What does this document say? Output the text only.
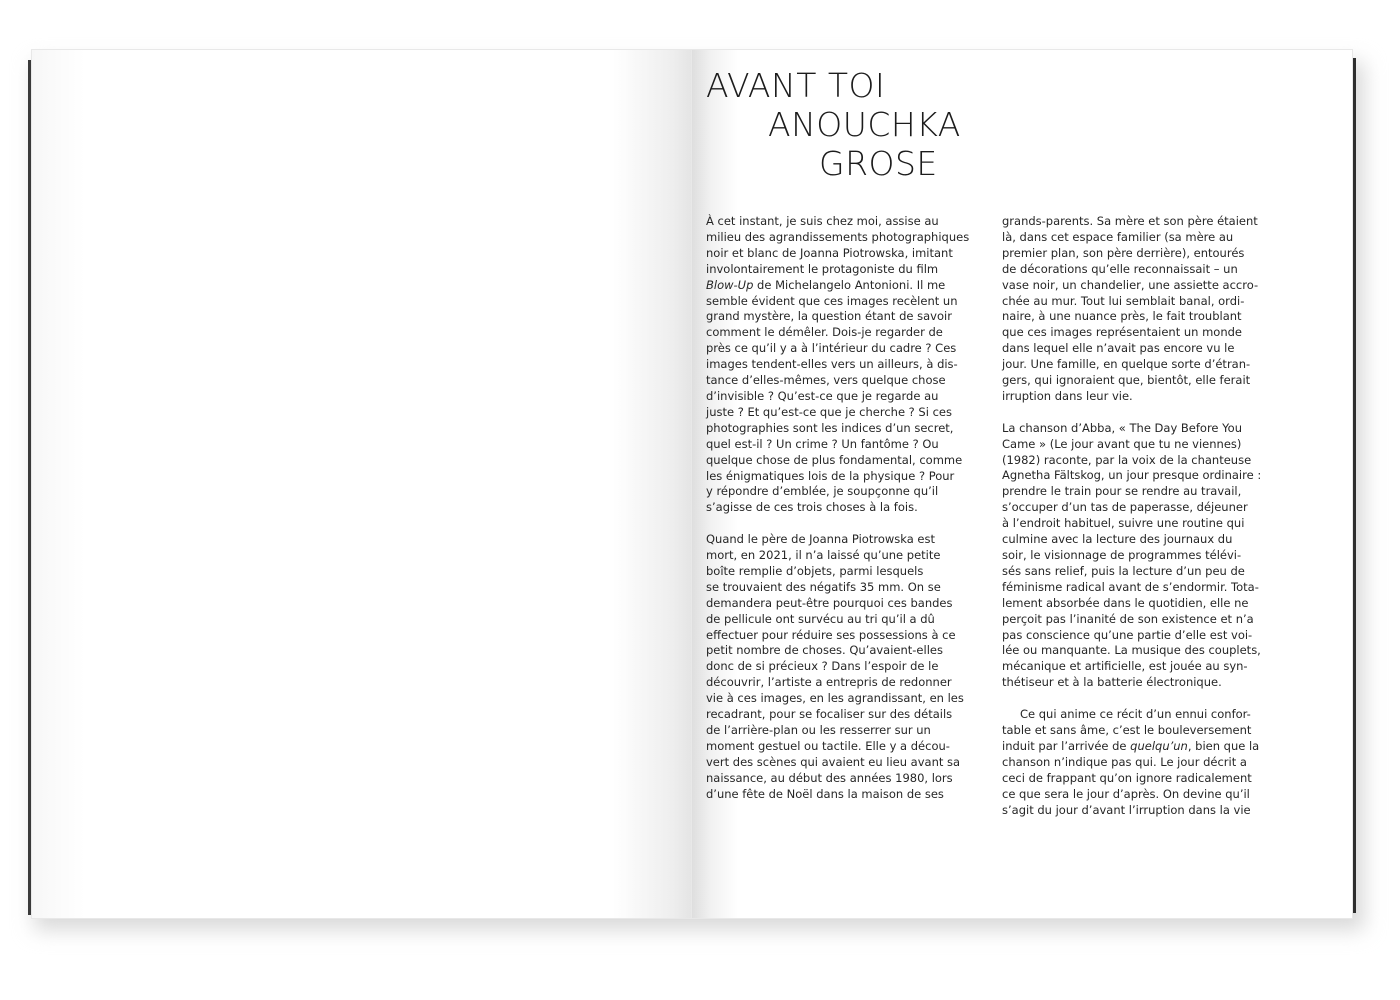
AVANT TOI
ANOUCHKA
GROSE

À cet instant, je suis chez moi, assise au
milieu des agrandissements photographiques
noir et blanc de Joanna Piotrowska, imitant
involontairement le protagoniste du film
Blow-Up de Michelangelo Antonioni. Il me
semble évident que ces images recèlent un
grand mystère, la question étant de savoir
comment le démêler. Dois-je regarder de
près ce qu’il y a à l’intérieur du cadre ? Ces
images tendent-elles vers un ailleurs, à dis-
tance d’elles-mêmes, vers quelque chose
d’invisible ? Qu’est-ce que je regarde au
juste ? Et qu’est-ce que je cherche ? Si ces
photographies sont les indices d’un secret,
quel est-il ? Un crime ? Un fantôme ? Ou
quelque chose de plus fondamental, comme
les énigmatiques lois de la physique ? Pour
y répondre d’emblée, je soupçonne qu’il
s’agisse de ces trois choses à la fois.

Quand le père de Joanna Piotrowska est
mort, en 2021, il n’a laissé qu’une petite
boîte remplie d’objets, parmi lesquels
se trouvaient des négatifs 35 mm. On se
demandera peut-être pourquoi ces bandes
de pellicule ont survécu au tri qu’il a dû
effectuer pour réduire ses possessions à ce
petit nombre de choses. Qu’avaient-elles
donc de si précieux ? Dans l’espoir de le
découvrir, l’artiste a entrepris de redonner
vie à ces images, en les agrandissant, en les
recadrant, pour se focaliser sur des détails
de l’arrière-plan ou les resserrer sur un
moment gestuel ou tactile. Elle y a décou-
vert des scènes qui avaient eu lieu avant sa
naissance, au début des années 1980, lors
d’une fête de Noël dans la maison de ses

grands-parents. Sa mère et son père étaient
là, dans cet espace familier (sa mère au
premier plan, son père derrière), entourés
de décorations qu’elle reconnaissait – un
vase noir, un chandelier, une assiette accro-
chée au mur. Tout lui semblait banal, ordi-
naire, à une nuance près, le fait troublant
que ces images représentaient un monde
dans lequel elle n’avait pas encore vu le
jour. Une famille, en quelque sorte d’étran-
gers, qui ignoraient que, bientôt, elle ferait
irruption dans leur vie.

La chanson d’Abba, « The Day Before You
Came » (Le jour avant que tu ne viennes)
(1982) raconte, par la voix de la chanteuse
Agnetha Fältskog, un jour presque ordinaire :
prendre le train pour se rendre au travail,
s’occuper d’un tas de paperasse, déjeuner
à l’endroit habituel, suivre une routine qui
culmine avec la lecture des journaux du
soir, le visionnage de programmes télévi-
sés sans relief, puis la lecture d’un peu de
féminisme radical avant de s’endormir. Tota-
lement absorbée dans le quotidien, elle ne
perçoit pas l’inanité de son existence et n’a
pas conscience qu’une partie d’elle est voi-
lée ou manquante. La musique des couplets,
mécanique et artificielle, est jouée au syn-
thétiseur et à la batterie électronique.

Ce qui anime ce récit d’un ennui confor-
table et sans âme, c’est le bouleversement
induit par l’arrivée de quelqu’un, bien que la
chanson n’indique pas qui. Le jour décrit a
ceci de frappant qu’on ignore radicalement
ce que sera le jour d’après. On devine qu’il
s’agit du jour d’avant l’irruption dans la vie
